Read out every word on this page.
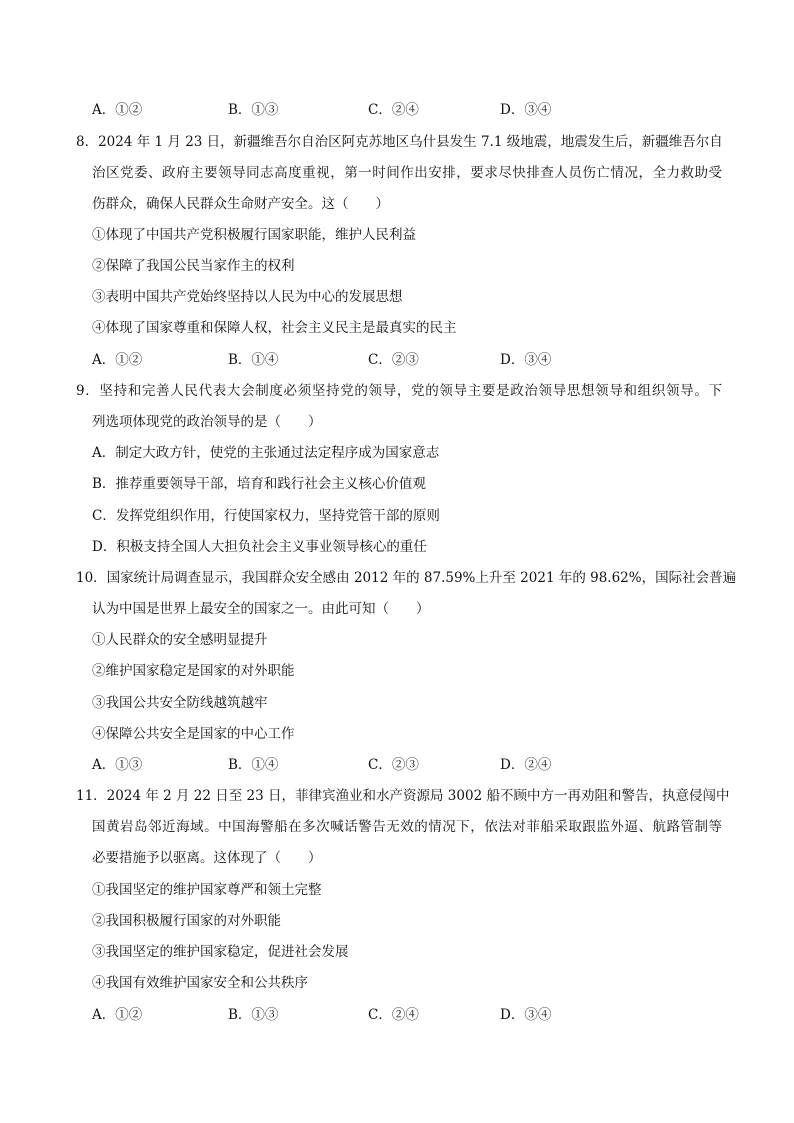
A．①②	B．①③	C．②④	D．③④
8．2024 年 1 月 23 日，新疆维吾尔自治区阿克苏地区乌什县发生 7.1 级地震，地震发生后，新疆维吾尔自
治区党委、政府主要领导同志高度重视，第一时间作出安排，要求尽快排查人员伤亡情况，全力救助受
伤群众，确保人民群众生命财产安全。这（　　）
①体现了中国共产党积极履行国家职能，维护人民利益
②保障了我国公民当家作主的权利
③表明中国共产党始终坚持以人民为中心的发展思想
④体现了国家尊重和保障人权，社会主义民主是最真实的民主
A．①②	B．①④	C．②③	D．③④
9．坚持和完善人民代表大会制度必须坚持党的领导，党的领导主要是政治领导思想领导和组织领导。下
列选项体现党的政治领导的是（　　）
A．制定大政方针，使党的主张通过法定程序成为国家意志
B．推荐重要领导干部，培育和践行社会主义核心价值观
C．发挥党组织作用，行使国家权力，坚持党管干部的原则
D．积极支持全国人大担负社会主义事业领导核心的重任
10．国家统计局调查显示，我国群众安全感由 2012 年的 87.59%上升至 2021 年的 98.62%，国际社会普遍
认为中国是世界上最安全的国家之一。由此可知（　　）
①人民群众的安全感明显提升
②维护国家稳定是国家的对外职能
③我国公共安全防线越筑越牢
④保障公共安全是国家的中心工作
A．①③	B．①④	C．②③	D．②④
11．2024 年 2 月 22 日至 23 日，菲律宾渔业和水产资源局 3002 船不顾中方一再劝阻和警告，执意侵闯中
国黄岩岛邻近海域。中国海警船在多次喊话警告无效的情况下，依法对菲船采取跟监外逼、航路管制等
必要措施予以驱离。这体现了（　　）
①我国坚定的维护国家尊严和领土完整
②我国积极履行国家的对外职能
③我国坚定的维护国家稳定，促进社会发展
④我国有效维护国家安全和公共秩序
A．①②	B．①③	C．②④	D．③④
